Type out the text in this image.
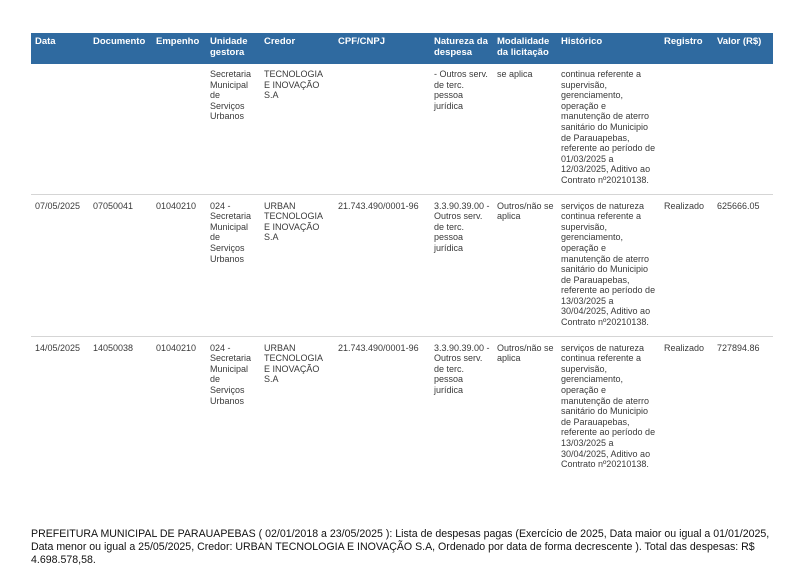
Data	Documento	Empenho	Unidade gestora	Credor	CPF/CNPJ	Natureza da despesa	Modalidade da licitação	Histórico	Registro	Valor (R$)
			Secretaria Municipal de Serviços Urbanos	TECNOLOGIA E INOVAÇÃO S.A		- Outros serv. de terc. pessoa jurídica	se aplica	continua referente a supervisão, gerenciamento, operação e manutenção de aterro sanitário do Municipio de Parauapebas, referente ao período de 01/03/2025 a 12/03/2025, Aditivo ao Contrato nº20210138.		
07/05/2025	07050041	01040210	024 - Secretaria Municipal de Serviços Urbanos	URBAN TECNOLOGIA E INOVAÇÃO S.A	21.743.490/0001-96	3.3.90.39.00 - Outros serv. de terc. pessoa jurídica	Outros/não se aplica	serviços de natureza continua referente a supervisão, gerenciamento, operação e manutenção de aterro sanitário do Municipio de Parauapebas, referente ao período de 13/03/2025 a 30/04/2025, Aditivo ao Contrato nº20210138.	Realizado	625666.05
14/05/2025	14050038	01040210	024 - Secretaria Municipal de Serviços Urbanos	URBAN TECNOLOGIA E INOVAÇÃO S.A	21.743.490/0001-96	3.3.90.39.00 - Outros serv. de terc. pessoa jurídica	Outros/não se aplica	serviços de natureza continua referente a supervisão, gerenciamento, operação e manutenção de aterro sanitário do Municipio de Parauapebas, referente ao período de 13/03/2025 a 30/04/2025, Aditivo ao Contrato nº20210138.	Realizado	727894.86
PREFEITURA MUNICIPAL DE PARAUAPEBAS ( 02/01/2018 a 23/05/2025 ): Lista de despesas pagas (Exercício de 2025, Data maior ou igual a 01/01/2025, Data menor ou igual a 25/05/2025, Credor: URBAN TECNOLOGIA E INOVAÇÃO S.A, Ordenado por data de forma decrescente ). Total das despesas: R$ 4.698.578,58.
